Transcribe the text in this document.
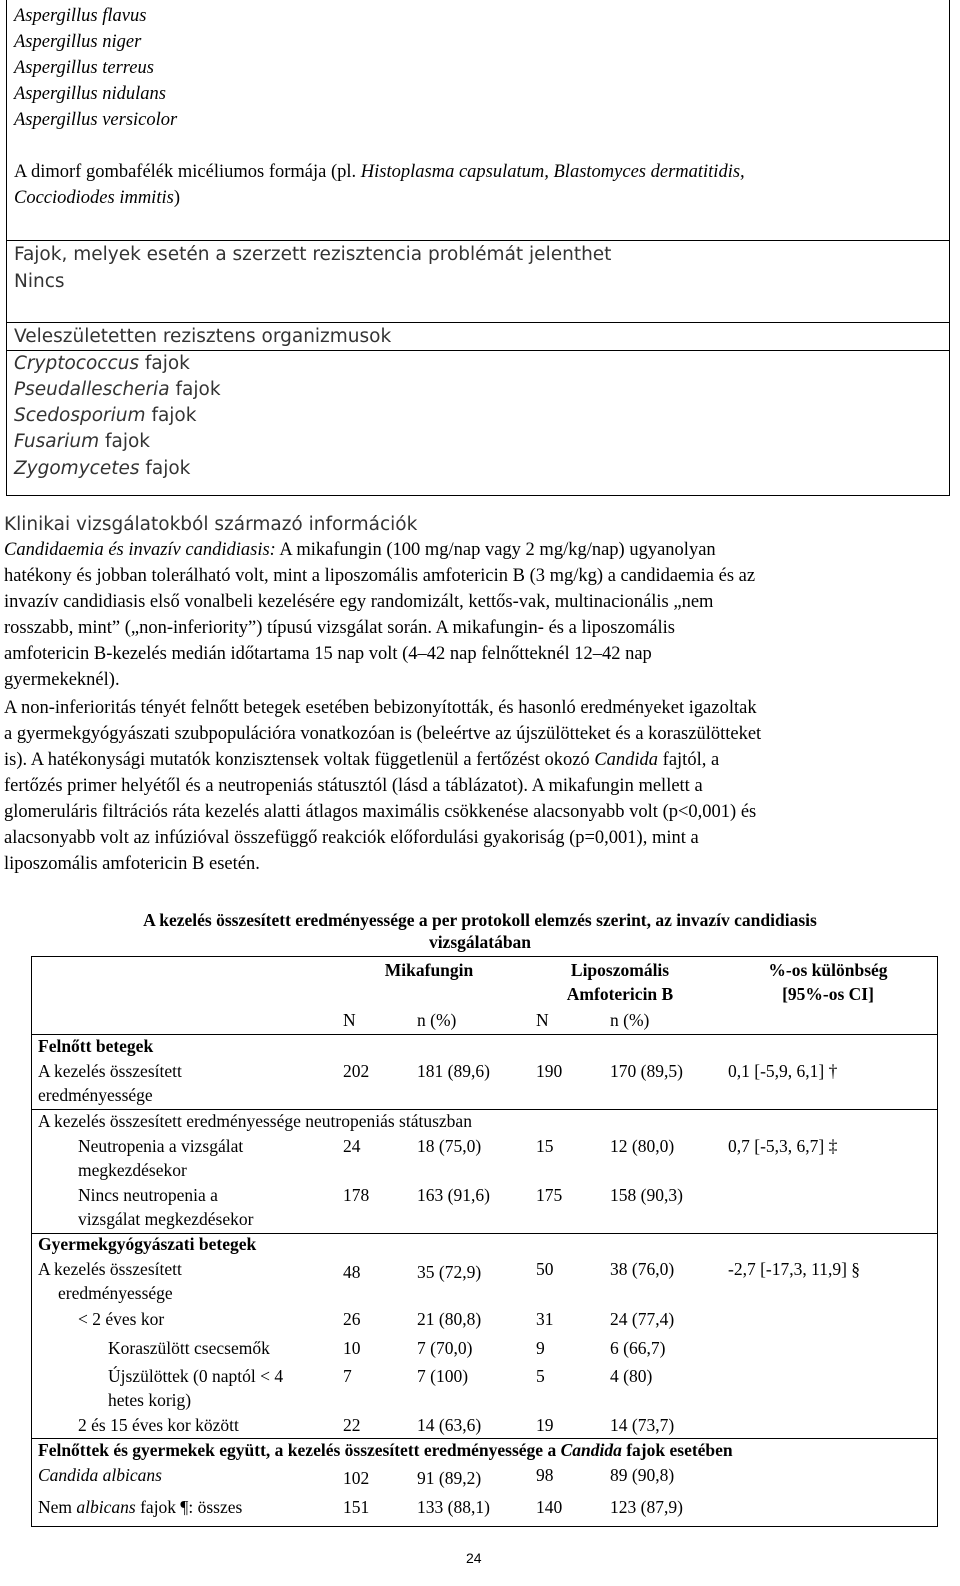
Aspergillus flavus
Aspergillus niger
Aspergillus terreus
Aspergillus nidulans
Aspergillus versicolor
A dimorf gombafélék micéliumos formája (pl. Histoplasma capsulatum, Blastomyces dermatitidis,
Cocciodiodes immitis)
Fajok, melyek esetén a szerzett rezisztencia problémát jelenthet
Nincs
Veleszületetten rezisztens organizmusok
Cryptococcus fajok
Pseudallescheria fajok
Scedosporium fajok
Fusarium fajok
Zygomycetes fajok
Klinikai vizsgálatokból származó információk
Candidaemia és invazív candidiasis: A mikafungin (100 mg/nap vagy 2 mg/kg/nap) ugyanolyan
hatékony és jobban tolerálható volt, mint a liposzomális amfotericin B (3 mg/kg) a candidaemia és az
invazív candidiasis első vonalbeli kezelésére egy randomizált, kettős-vak, multinacionális „nem
rosszabb, mint” („non-inferiority”) típusú vizsgálat során. A mikafungin- és a liposzomális
amfotericin B-kezelés medián időtartama 15 nap volt (4–42 nap felnőtteknél 12–42 nap
gyermekeknél).
A non-inferioritás tényét felnőtt betegek esetében bebizonyították, és hasonló eredményeket igazoltak
a gyermekgyógyászati szubpopulációra vonatkozóan is (beleértve az újszülötteket és a koraszülötteket
is). A hatékonysági mutatók konzisztensek voltak függetlenül a fertőzést okozó Candida fajtól, a
fertőzés primer helyétől és a neutropeniás státusztól (lásd a táblázatot). A mikafungin mellett a
glomeruláris filtrációs ráta kezelés alatti átlagos maximális csökkenése alacsonyabb volt (p<0,001) és
alacsonyabb volt az infúzióval összefüggő reakciók előfordulási gyakoriság (p=0,001), mint a
liposzomális amfotericin B esetén.
A kezelés összesített eredményessége a per protokoll elemzés szerint, az invazív candidiasis
vizsgálatában
Mikafungin	Liposzomális
Amfotericin B
%-os különbség
[95%-os CI]
N	n (%)	N	n (%)
Felnőtt betegek
A kezelés összesített
eredményessége
202	181 (89,6)	190	170 (89,5)	0,1 [-5,9, 6,1] †
A kezelés összesített eredményessége neutropeniás státuszban
Neutropenia a vizsgálat
megkezdésekor
24	18 (75,0)	15	12 (80,0)	0,7 [-5,3, 6,7] ‡
Nincs neutropenia a
vizsgálat megkezdésekor
178	163 (91,6)	175	158 (90,3)
Gyermekgyógyászati betegek
A kezelés összesített
eredményessége
48	35 (72,9)	50	38 (76,0)	-2,7 [-17,3, 11,9] §
< 2 éves kor	26	21 (80,8)	31	24 (77,4)
Koraszülött csecsemők	10	7 (70,0)	9	6 (66,7)
Újszülöttek (0 naptól < 4
hetes korig)
7	7 (100)	5	4 (80)
2 és 15 éves kor között	22	14 (63,6)	19	14 (73,7)
Felnőttek és gyermekek együtt, a kezelés összesített eredményessége a Candida fajok esetében
Candida albicans	102	91 (89,2)	98	89 (90,8)
Nem albicans fajok ¶: összes	151	133 (88,1)	140	123 (87,9)
24
